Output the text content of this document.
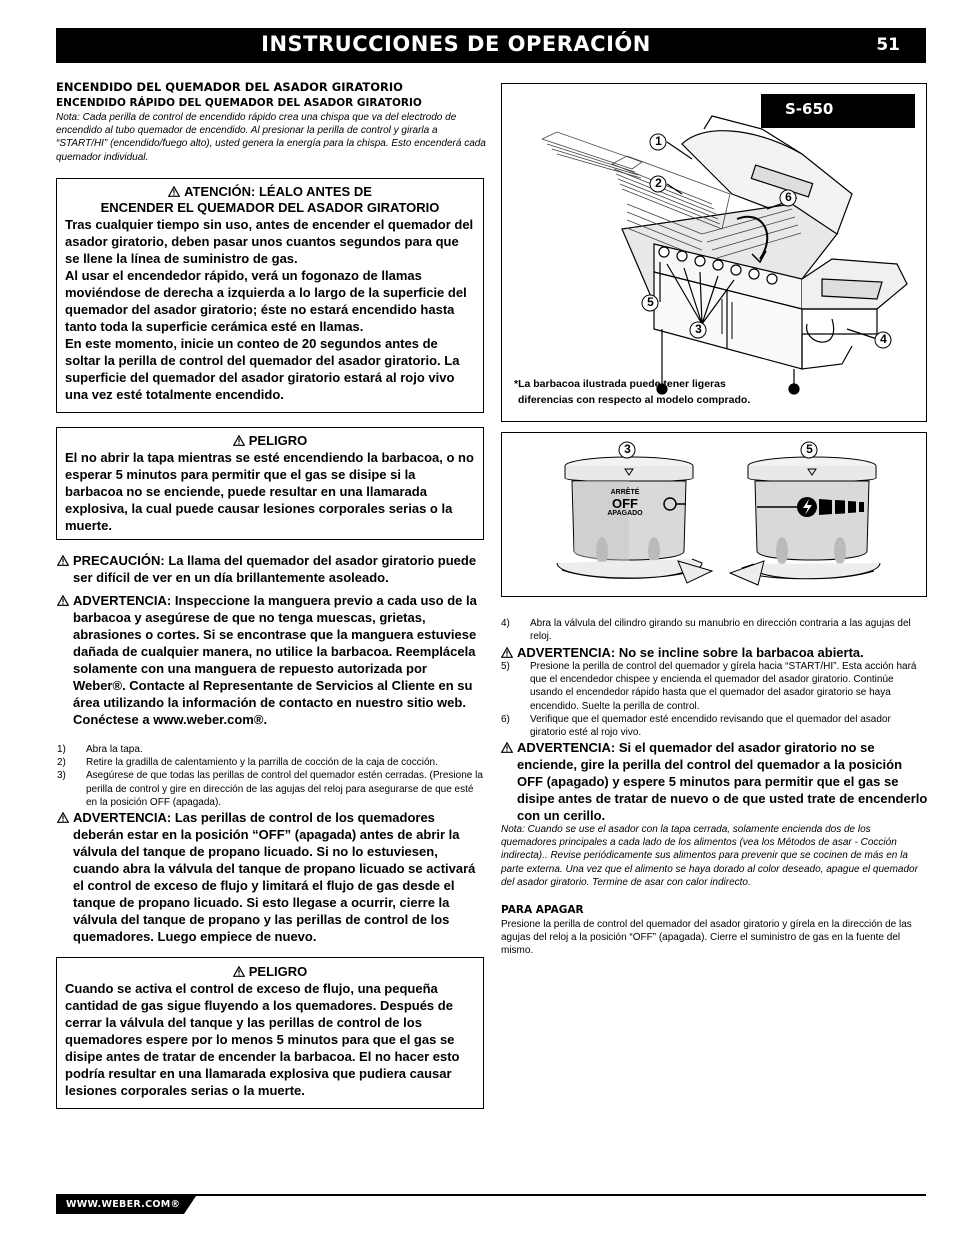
INSTRUCCIONES DE OPERACIÓN	51
ENCENDIDO DEL QUEMADOR DEL ASADOR GIRATORIO
ENCENDIDO RÁPIDO DEL QUEMADOR DEL ASADOR GIRATORIO
Nota: Cada perilla de control de encendido rápido crea una chispa que va del electrodo de encendido al tubo quemador de encendido. Al presionar la perilla de control y girarla a “START/HI” (encendido/fuego alto), usted genera la energía para la chispa. Esto encenderá cada quemador individual.
ATENCIÓN: LÉALO ANTES DE
ENCENDER EL QUEMADOR DEL ASADOR GIRATORIO
Tras cualquier tiempo sin uso, antes de encender el quemador del asador giratorio, deben pasar unos cuantos segundos para que se llene la línea de suministro de gas.
Al usar el encendedor rápido, verá un fogonazo de llamas moviéndose de derecha a izquierda a lo largo de la superficie del quemador del asador giratorio; éste no estará encendido hasta tanto toda la superficie cerámica esté en llamas.
En este momento, inicie un conteo de 20 segundos antes de soltar la perilla de control del quemador del asador giratorio. La superficie del quemador del asador giratorio estará al rojo vivo una vez esté totalmente encendido.
PELIGRO
El no abrir la tapa mientras se esté encendiendo la barbacoa, o no esperar 5 minutos para permitir que el gas se disipe si la barbacoa no se enciende, puede resultar en una llamarada explosiva, la cual puede causar lesiones corporales serias o la muerte.
PRECAUCIÓN: La llama del quemador del asador giratorio puede ser difícil de ver en un día brillantemente asoleado.
ADVERTENCIA: Inspeccione la manguera previo a cada uso de la barbacoa y asegúrese de que no tenga muescas, grietas, abrasiones o cortes. Si se encontrase que la manguera estuviese dañada de cualquier manera, no utilice la barbacoa. Reemplácela solamente con una manguera de repuesto autorizada por Weber®. Contacte al Representante de Servicios al Cliente en su área utilizando la información de contacto en nuestro sitio web. Conéctese a www.weber.com®.
1) Abra la tapa.
2) Retire la gradilla de calentamiento y la parrilla de cocción de la caja de cocción.
3) Asegúrese de que todas las perillas de control del quemador estén cerradas. (Presione la perilla de control y gire en dirección de las agujas del reloj para asegurarse de que esté en la posición OFF (apagada).
ADVERTENCIA: Las perillas de control de los quemadores deberán estar en la posición “OFF” (apagada) antes de abrir la válvula del tanque de propano licuado. Si no lo estuviesen, cuando abra la válvula del tanque de propano licuado se activará el control de exceso de flujo y limitará el flujo de gas desde el tanque de propano licuado. Si esto llegase a ocurrir, cierre la válvula del tanque de propano y las perillas de control de los quemadores. Luego empiece de nuevo.
PELIGRO
Cuando se activa el control de exceso de flujo, una pequeña cantidad de gas sigue fluyendo a los quemadores. Después de cerrar la válvula del tanque y las perillas de control de los quemadores espere por lo menos 5 minutos para que el gas se disipe antes de tratar de encender la barbacoa. El no hacer esto podría resultar en una llamarada explosiva que pudiera causar lesiones corporales serias o la muerte.
S-650
1
2
3
4
5
6
*La barbacoa ilustrada puede tener ligeras
diferencias con respecto al modelo comprado.
3	5
ARRÊTÉ
OFF
APAGADO
4) Abra la válvula del cilindro girando su manubrio en dirección contraria a las agujas del reloj.
ADVERTENCIA: No se incline sobre la barbacoa abierta.
5) Presione la perilla de control del quemador y gírela hacia “START/HI”. Esta acción hará que el encendedor chispee y encienda el quemador del asador giratorio. Continúe usando el encendedor rápido hasta que el quemador del asador giratorio se haya encendido. Suelte la perilla de control.
6) Verifique que el quemador esté encendido revisando que el quemador del asador giratorio esté al rojo vivo.
ADVERTENCIA: Si el quemador del asador giratorio no se enciende, gire la perilla del control del quemador a la posición OFF (apagado) y espere 5 minutos para permitir que el gas se disipe antes de tratar de nuevo o de que usted trate de encenderlo con un cerillo.
Nota: Cuando se use el asador con la tapa cerrada, solamente encienda dos de los quemadores principales a cada lado de los alimentos (vea los Métodos de asar - Cocción indirecta).. Revise periódicamente sus alimentos para prevenir que se cocinen de más en la parte externa. Una vez que el alimento se haya dorado al color deseado, apague el quemador del asador giratorio. Termine de asar con calor indirecto.
PARA APAGAR
Presione la perilla de control del quemador del asador giratorio y gírela en la dirección de las agujas del reloj a la posición “OFF” (apagada). Cierre el suministro de gas en la fuente del mismo.
WWW.WEBER.COM®
